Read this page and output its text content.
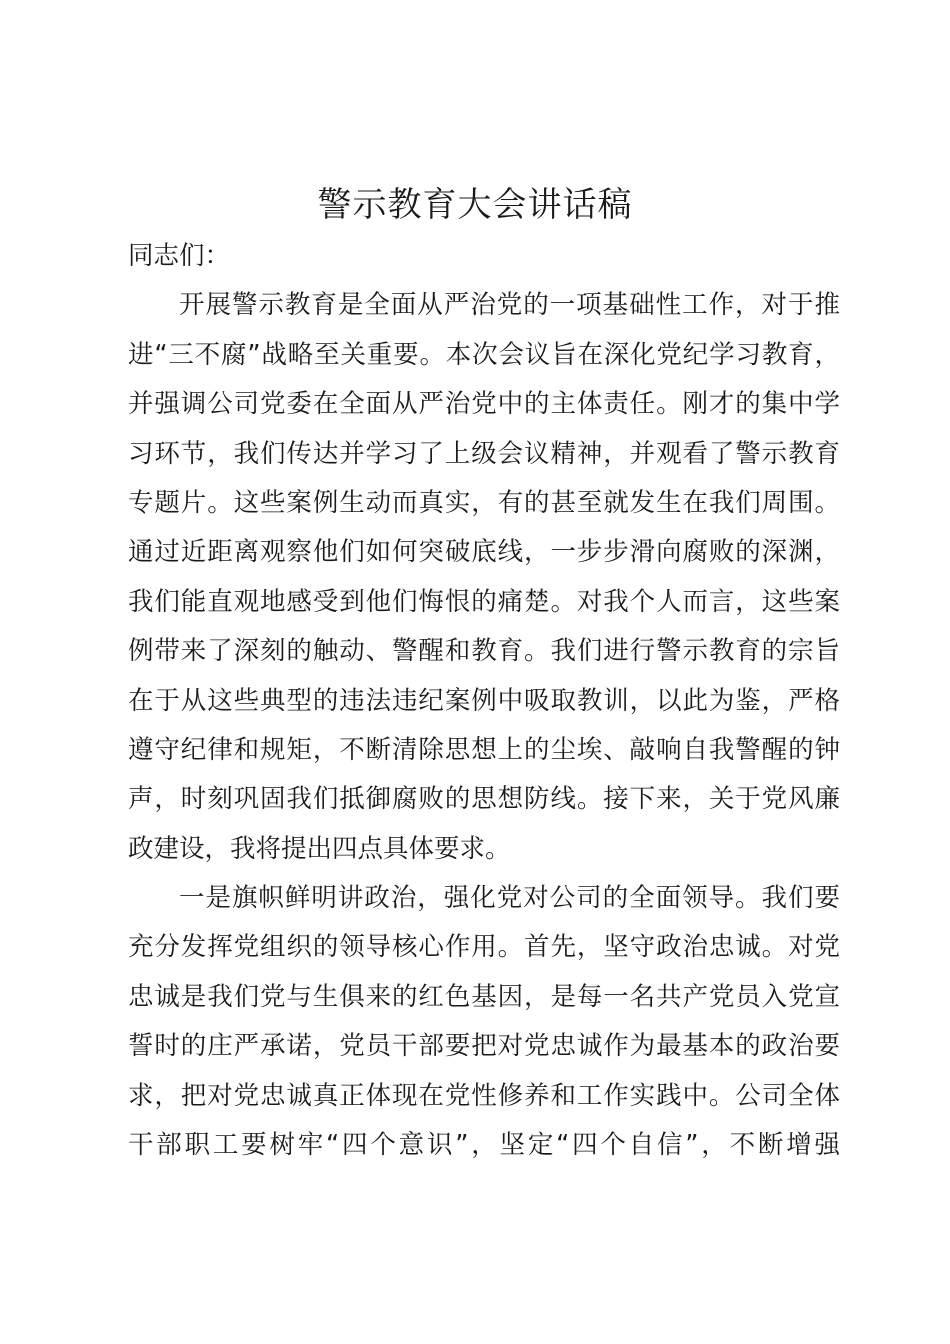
警示教育大会讲话稿
同志们：
开展警示教育是全面从严治党的一项基础性工作，对于推
进“三不腐”战略至关重要。本次会议旨在深化党纪学习教育，
并强调公司党委在全面从严治党中的主体责任。刚才的集中学
习环节，我们传达并学习了上级会议精神，并观看了警示教育
专题片。这些案例生动而真实，有的甚至就发生在我们周围。
通过近距离观察他们如何突破底线，一步步滑向腐败的深渊，
我们能直观地感受到他们悔恨的痛楚。对我个人而言，这些案
例带来了深刻的触动、警醒和教育。我们进行警示教育的宗旨
在于从这些典型的违法违纪案例中吸取教训，以此为鉴，严格
遵守纪律和规矩，不断清除思想上的尘埃、敲响自我警醒的钟
声，时刻巩固我们抵御腐败的思想防线。接下来，关于党风廉
政建设，我将提出四点具体要求。
一是旗帜鲜明讲政治，强化党对公司的全面领导。我们要
充分发挥党组织的领导核心作用。首先，坚守政治忠诚。对党
忠诚是我们党与生俱来的红色基因，是每一名共产党员入党宣
誓时的庄严承诺，党员干部要把对党忠诚作为最基本的政治要
求，把对党忠诚真正体现在党性修养和工作实践中。公司全体
干部职工要树牢“四个意识”，坚定“四个自信”，不断增强
